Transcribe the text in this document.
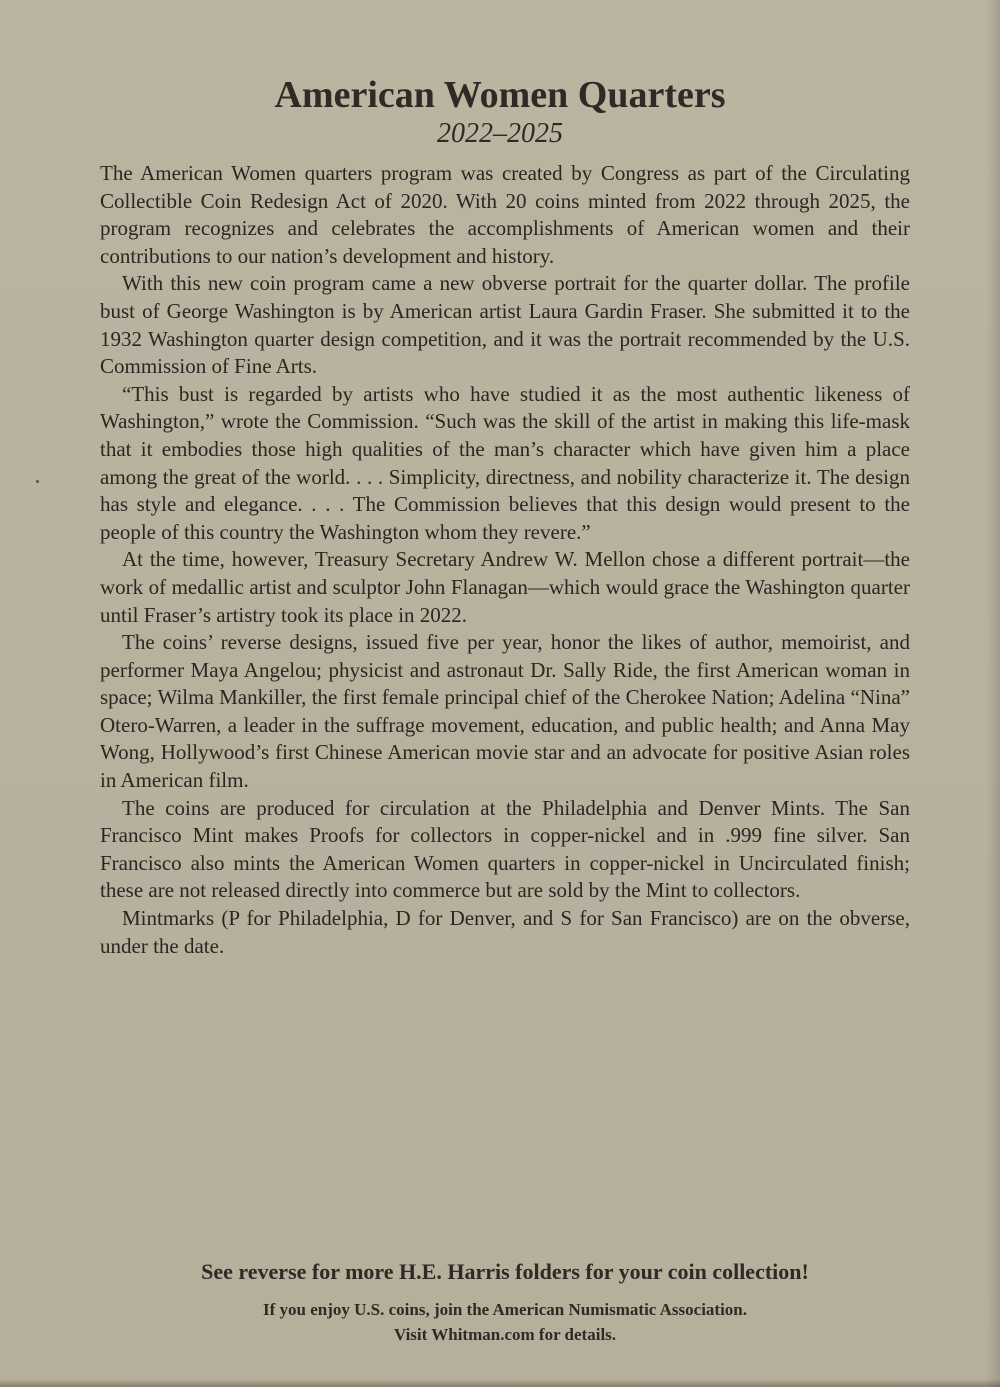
American Women Quarters
2022–2025

The American Women quarters program was created by Congress as part of the Circulating Collectible Coin Redesign Act of 2020. With 20 coins minted from 2022 through 2025, the program recognizes and celebrates the accomplishments of American women and their contributions to our nation’s development and history.

With this new coin program came a new obverse portrait for the quarter dollar. The profile bust of George Washington is by American artist Laura Gardin Fraser. She submitted it to the 1932 Washington quarter design competition, and it was the portrait recommended by the U.S. Commission of Fine Arts.

“This bust is regarded by artists who have studied it as the most authentic likeness of Washington,” wrote the Commission. “Such was the skill of the artist in making this life-mask that it embodies those high qualities of the man’s character which have given him a place among the great of the world. . . . Simplicity, directness, and nobility characterize it. The design has style and elegance. . . . The Commission believes that this design would present to the people of this country the Washington whom they revere.”

At the time, however, Treasury Secretary Andrew W. Mellon chose a different portrait—the work of medallic artist and sculptor John Flanagan—which would grace the Washington quarter until Fraser’s artistry took its place in 2022.

The coins’ reverse designs, issued five per year, honor the likes of author, memoirist, and performer Maya Angelou; physicist and astronaut Dr. Sally Ride, the first American woman in space; Wilma Mankiller, the first female principal chief of the Cherokee Nation; Adelina “Nina” Otero-Warren, a leader in the suffrage movement, education, and public health; and Anna May Wong, Hollywood’s first Chinese American movie star and an advocate for positive Asian roles in American film.

The coins are produced for circulation at the Philadelphia and Denver Mints. The San Francisco Mint makes Proofs for collectors in copper-nickel and in .999 fine silver. San Francisco also mints the American Women quarters in copper-nickel in Uncirculated finish; these are not released directly into commerce but are sold by the Mint to collectors.

Mintmarks (P for Philadelphia, D for Denver, and S for San Francisco) are on the obverse, under the date.

See reverse for more H.E. Harris folders for your coin collection!
If you enjoy U.S. coins, join the American Numismatic Association.
Visit Whitman.com for details.
